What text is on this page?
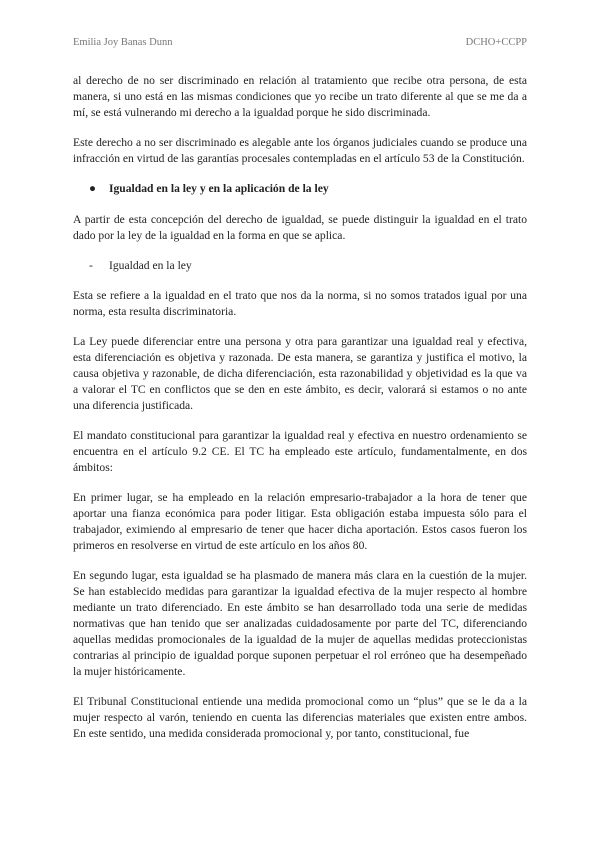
Emilia Joy Banas Dunn	DCHO+CCPP

al derecho de no ser discriminado en relación al tratamiento que recibe otra persona, de esta manera, si uno está en las mismas condiciones que yo recibe un trato diferente al que se me da a mí, se está vulnerando mi derecho a la igualdad porque he sido discriminada.

Este derecho a no ser discriminado es alegable ante los órganos judiciales cuando se produce una infracción en virtud de las garantías procesales contempladas en el artículo 53 de la Constitución.

●	Igualdad en la ley y en la aplicación de la ley

A partir de esta concepción del derecho de igualdad, se puede distinguir la igualdad en el trato dado por la ley de la igualdad en la forma en que se aplica.

-	Igualdad en la ley

Esta se refiere a la igualdad en el trato que nos da la norma, si no somos tratados igual por una norma, esta resulta discriminatoria.

La Ley puede diferenciar entre una persona y otra para garantizar una igualdad real y efectiva, esta diferenciación es objetiva y razonada. De esta manera, se garantiza y justifica el motivo, la causa objetiva y razonable, de dicha diferenciación, esta razonabilidad y objetividad es la que va a valorar el TC en conflictos que se den en este ámbito, es decir, valorará si estamos o no ante una diferencia justificada.

El mandato constitucional para garantizar la igualdad real y efectiva en nuestro ordenamiento se encuentra en el artículo 9.2 CE. El TC ha empleado este artículo, fundamentalmente, en dos ámbitos:

En primer lugar, se ha empleado en la relación empresario-trabajador a la hora de tener que aportar una fianza económica para poder litigar. Esta obligación estaba impuesta sólo para el trabajador, eximiendo al empresario de tener que hacer dicha aportación. Estos casos fueron los primeros en resolverse en virtud de este artículo en los años 80.

En segundo lugar, esta igualdad se ha plasmado de manera más clara en la cuestión de la mujer. Se han establecido medidas para garantizar la igualdad efectiva de la mujer respecto al hombre mediante un trato diferenciado. En este ámbito se han desarrollado toda una serie de medidas normativas que han tenido que ser analizadas cuidadosamente por parte del TC, diferenciando aquellas medidas promocionales de la igualdad de la mujer de aquellas medidas proteccionistas contrarias al principio de igualdad porque suponen perpetuar el rol erróneo que ha desempeñado la mujer históricamente.

El Tribunal Constitucional entiende una medida promocional como un “plus” que se le da a la mujer respecto al varón, teniendo en cuenta las diferencias materiales que existen entre ambos. En este sentido, una medida considerada promocional y, por tanto, constitucional, fue
